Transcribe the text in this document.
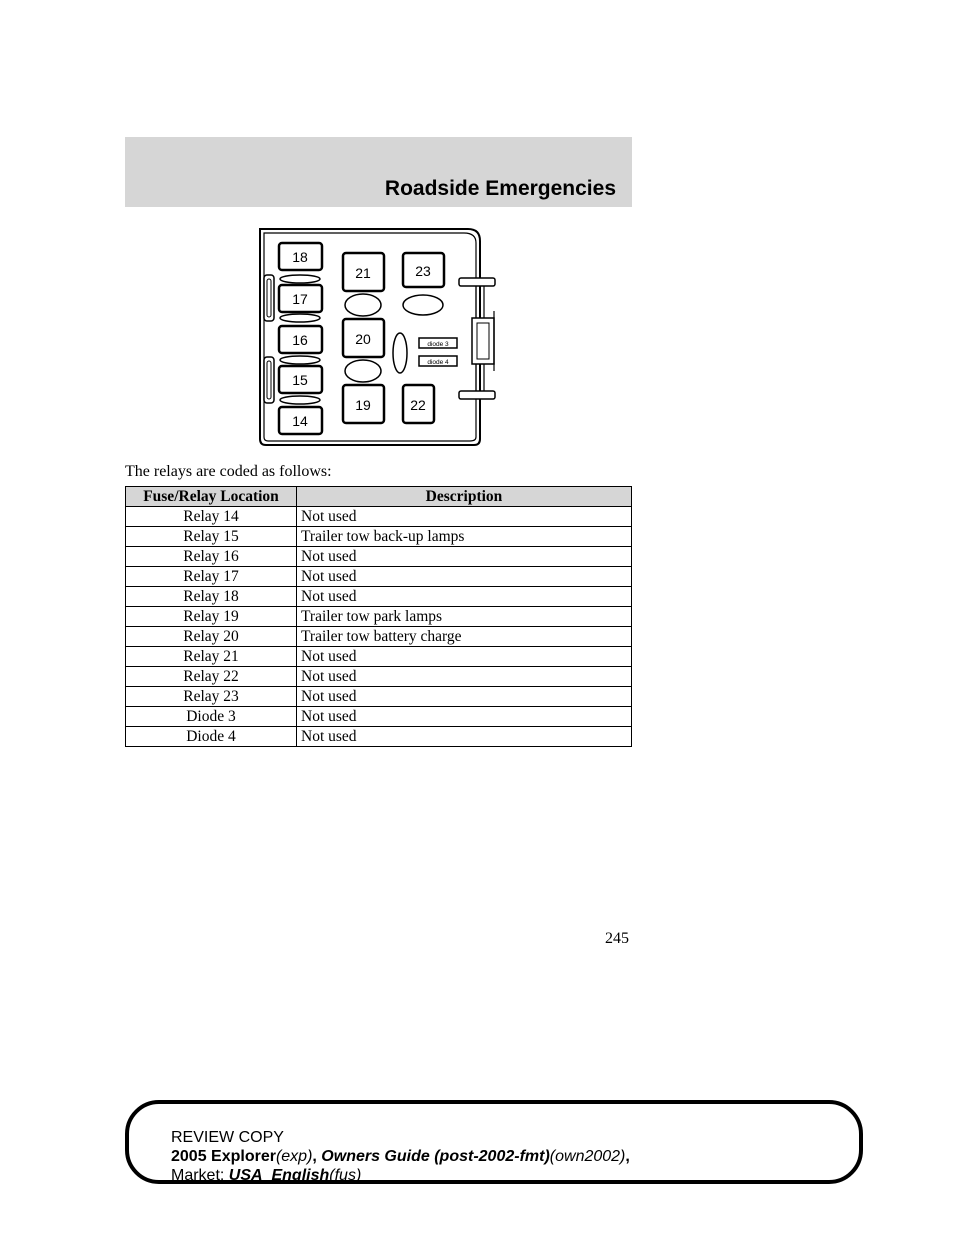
Roadside Emergencies
18
17
16
15
14
21
20
19
23
diode 3
diode 4
22
The relays are coded as follows:
Fuse/Relay Location	Description
Relay 14	Not used
Relay 15	Trailer tow back-up lamps
Relay 16	Not used
Relay 17	Not used
Relay 18	Not used
Relay 19	Trailer tow park lamps
Relay 20	Trailer tow battery charge
Relay 21	Not used
Relay 22	Not used
Relay 23	Not used
Diode 3	Not used
Diode 4	Not used
245
REVIEW COPY
2005 Explorer(exp), Owners Guide (post-2002-fmt)(own2002),
Market: USA_English(fus)
